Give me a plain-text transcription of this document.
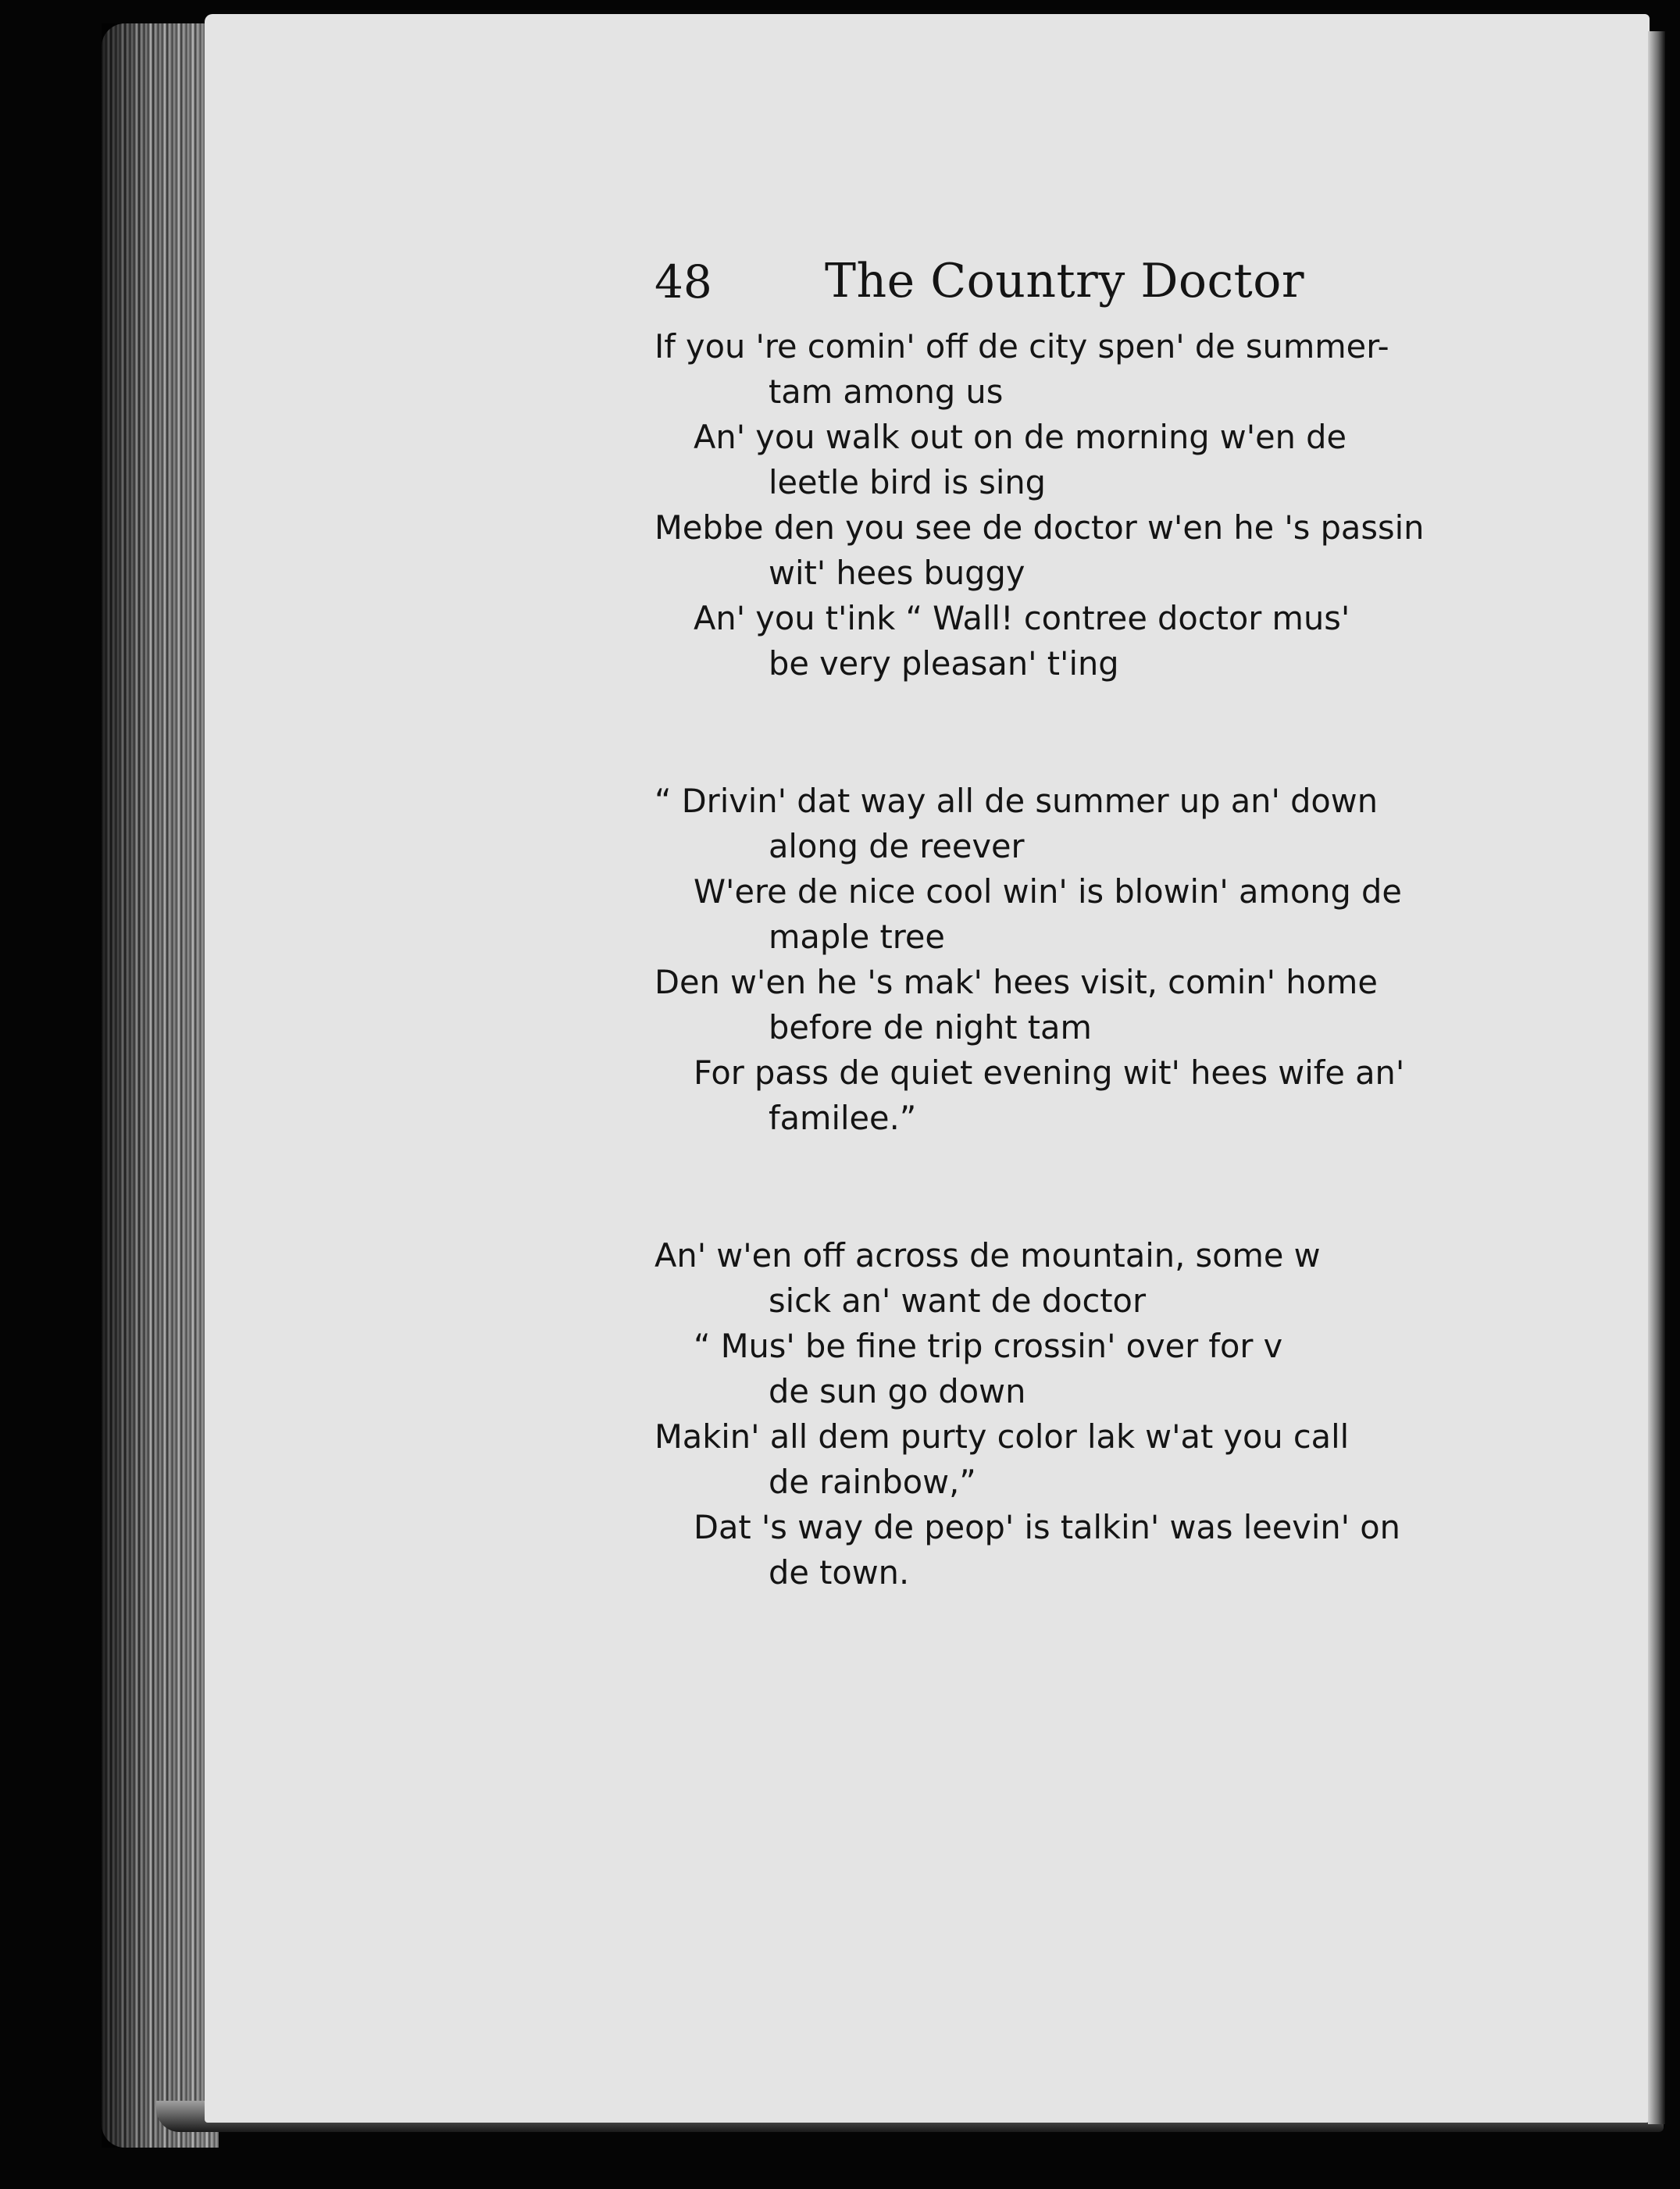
48 The Country Doctor

If you 're comin' off de city spen' de summer-

tam among us

An' you walk out on de morning w'en de

leetle bird is sing

Mebbe den you see de doctor w'en he 's passin

wit' hees buggy

An' you t'ink “ Wall! contree doctor mus'

be very pleasan' t'ing

“ Drivin' dat way all de summer up an' down

along de reever

W'ere de nice cool win' is blowin' among de

maple tree

Den w'en he 's mak' hees visit, comin' home

before de night tam

For pass de quiet evening wit' hees wife an'

familee.”

An' w'en off across de mountain, some w

sick an' want de doctor

“ Mus' be fine trip crossin' over for v

de sun go down

Makin' all dem purty color lak w'at you call

de rainbow,”

Dat 's way de peop' is talkin' was leevin' on

de town.
